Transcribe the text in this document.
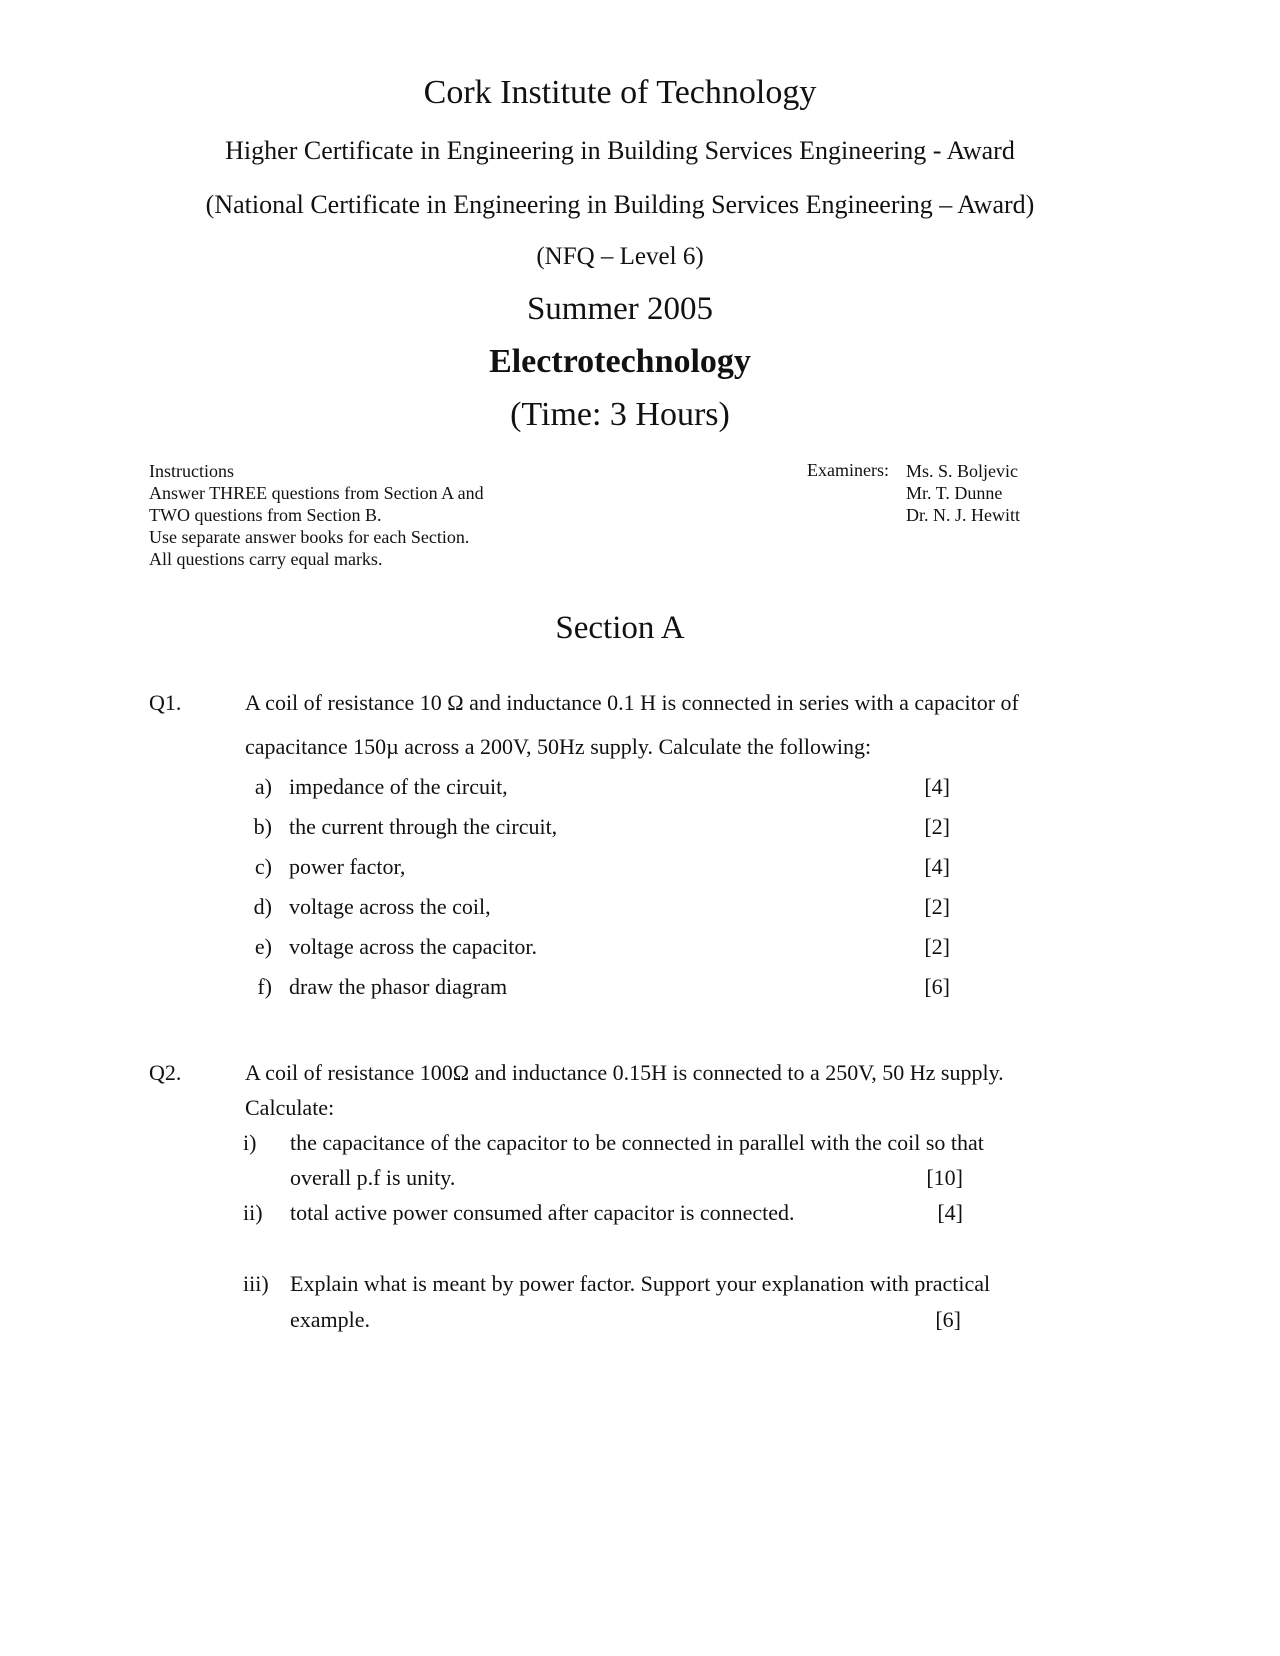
Cork Institute of Technology
Higher Certificate in Engineering in Building Services Engineering - Award
(National Certificate in Engineering in Building Services Engineering – Award)
(NFQ – Level 6)
Summer 2005
Electrotechnology
(Time: 3 Hours)
Instructions
Answer THREE questions from Section A and
TWO questions from Section B.
Use separate answer books for each Section.
All questions carry equal marks.
Examiners: Ms. S. Boljevic
Mr. T. Dunne
Dr. N. J. Hewitt
Section A
Q1.	A coil of resistance 10 Ω and inductance 0.1 H is connected in series with a capacitor of
capacitance 150µ across a 200V, 50Hz supply. Calculate the following:
a) impedance of the circuit,	[4]
b) the current through the circuit,	[2]
c) power factor,	[4]
d) voltage across the coil,	[2]
e) voltage across the capacitor.	[2]
f) draw the phasor diagram	[6]
Q2.	A coil of resistance 100Ω and inductance 0.15H is connected to a 250V, 50 Hz supply.
Calculate:
i) the capacitance of the capacitor to be connected in parallel with the coil so that
overall p.f is unity.	[10]
ii) total active power consumed after capacitor is connected.	[4]
iii) Explain what is meant by power factor. Support your explanation with practical
example.	[6]
